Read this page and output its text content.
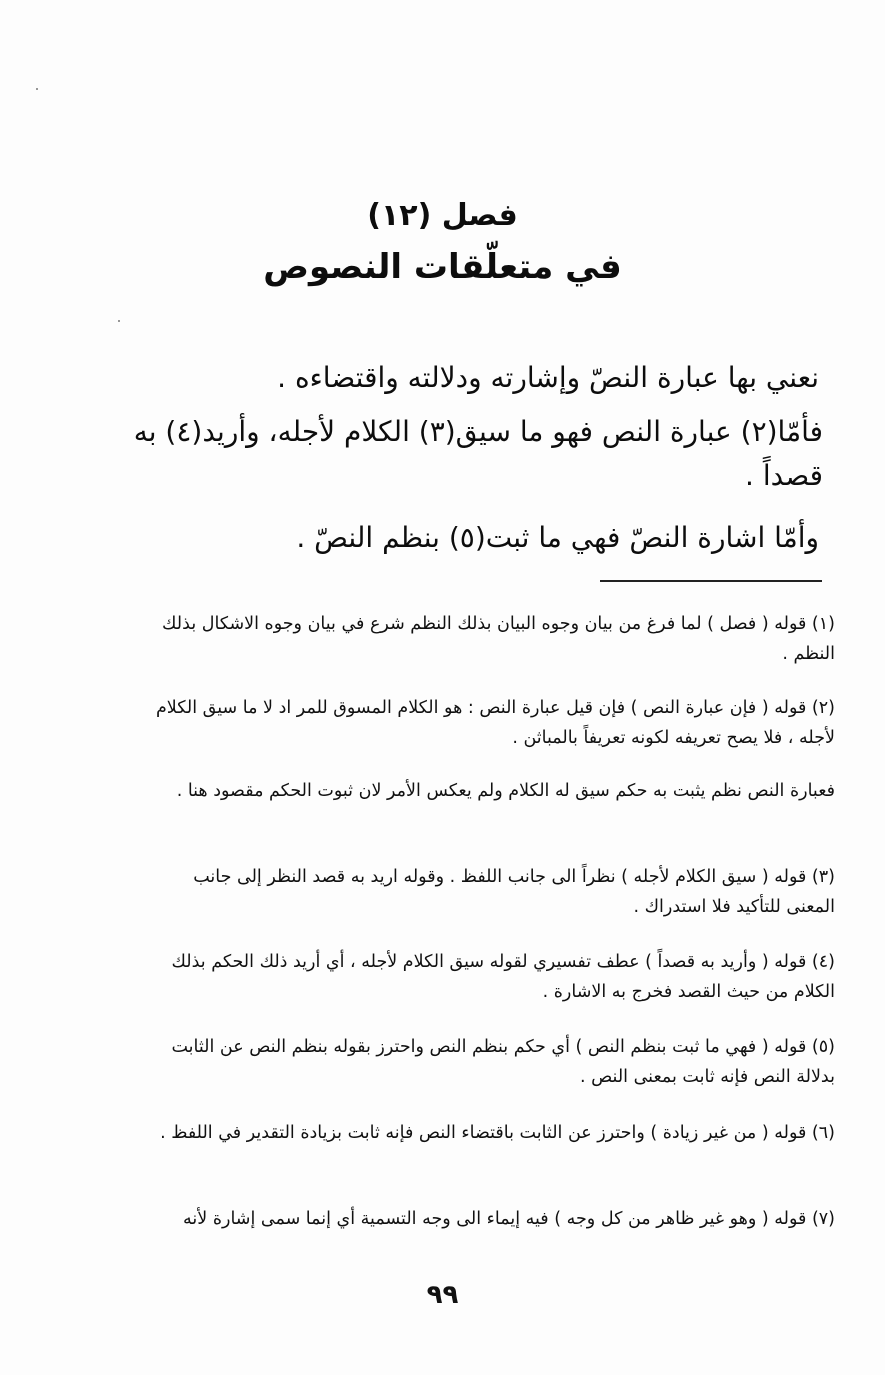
فصل (١٢)
في متعلّقات النصوص
نعني بها عبارة النصّ وإشارته ودلالته واقتضاءه .
فأمّا(٢) عبارة النص فهو ما سيق(٣) الكلام لأجله، وأريد(٤) به قصداً .
وأمّا اشارة النصّ فهي ما ثبت(٥) بنظم النصّ .
(١) قوله ( فصل ) لما فرغ من بيان وجوه البيان بذلك النظم شرع في بيان وجوه الاشكال بذلك النظم .
(٢) قوله ( فإن عبارة النص ) فإن قيل عبارة النص : هو الكلام المسوق للمر اد لا ما سيق الكلام لأجله ، فلا يصح تعريفه لكونه تعريفاً بالمباثن .
فعبارة النص نظم يثبت به حكم سيق له الكلام ولم يعكس الأمر لان ثبوت الحكم مقصود هنا .
(٣) قوله ( سيق الكلام لأجله ) نظراً الى جانب اللفظ . وقوله اريد به قصد النظر إلى جانب المعنى للتأكيد فلا استدراك .
(٤) قوله ( وأريد به قصداً ) عطف تفسيري لقوله سيق الكلام لأجله ، أي أريد ذلك الحكم بذلك الكلام من حيث القصد فخرج به الاشارة .
(٥) قوله ( فهي ما ثبت بنظم النص ) أي حكم بنظم النص واحترز بقوله بنظم النص عن الثابت بدلالة النص فإنه ثابت بمعنى النص .
(٦) قوله ( من غير زيادة ) واحترز عن الثابت باقتضاء النص فإنه ثابت بزيادة التقدير في اللفظ .
(٧) قوله ( وهو غير ظاهر من كل وجه ) فيه إيماء الى وجه التسمية أي إنما سمى إشارة لأنه
٩٩
